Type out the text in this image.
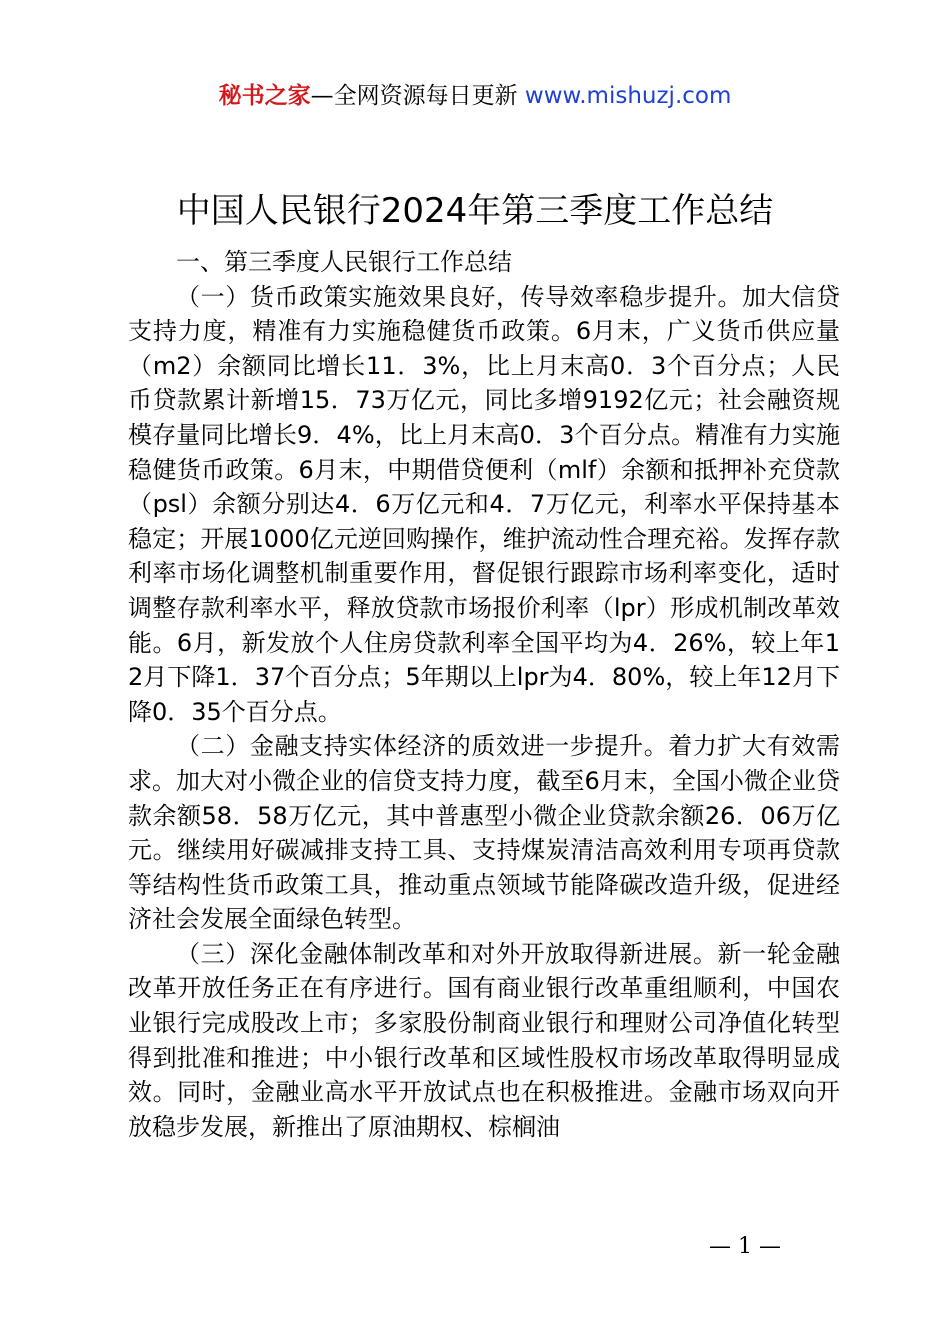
秘书之家—全网资源每日更新 www.mishuzj.com
中国人民银行2024年第三季度工作总结

一、第三季度人民银行工作总结

（一）货币政策实施效果良好，传导效率稳步提升。加大信贷支持力度，精准有力实施稳健货币政策。6月末，广义货币供应量（m2）余额同比增长11．3%，比上月末高0．3个百分点；人民币贷款累计新增15．73万亿元，同比多增9192亿元；社会融资规模存量同比增长9．4%，比上月末高0．3个百分点。精准有力实施稳健货币政策。6月末，中期借贷便利（mlf）余额和抵押补充贷款（psl）余额分别达4．6万亿元和4．7万亿元，利率水平保持基本稳定；开展1000亿元逆回购操作，维护流动性合理充裕。发挥存款利率市场化调整机制重要作用，督促银行跟踪市场利率变化，适时调整存款利率水平，释放贷款市场报价利率（lpr）形成机制改革效能。6月，新发放个人住房贷款利率全国平均为4．26%，较上年12月下降1．37个百分点；5年期以上lpr为4．80%，较上年12月下降0．35个百分点。

（二）金融支持实体经济的质效进一步提升。着力扩大有效需求。加大对小微企业的信贷支持力度，截至6月末，全国小微企业贷款余额58．58万亿元，其中普惠型小微企业贷款余额26．06万亿元。继续用好碳减排支持工具、支持煤炭清洁高效利用专项再贷款等结构性货币政策工具，推动重点领域节能降碳改造升级，促进经济社会发展全面绿色转型。

（三）深化金融体制改革和对外开放取得新进展。新一轮金融改革开放任务正在有序进行。国有商业银行改革重组顺利，中国农业银行完成股改上市；多家股份制商业银行和理财公司净值化转型得到批准和推进；中小银行改革和区域性股权市场改革取得明显成效。同时，金融业高水平开放试点也在积极推进。金融市场双向开放稳步发展，新推出了原油期权、棕榈油

— 1 —
